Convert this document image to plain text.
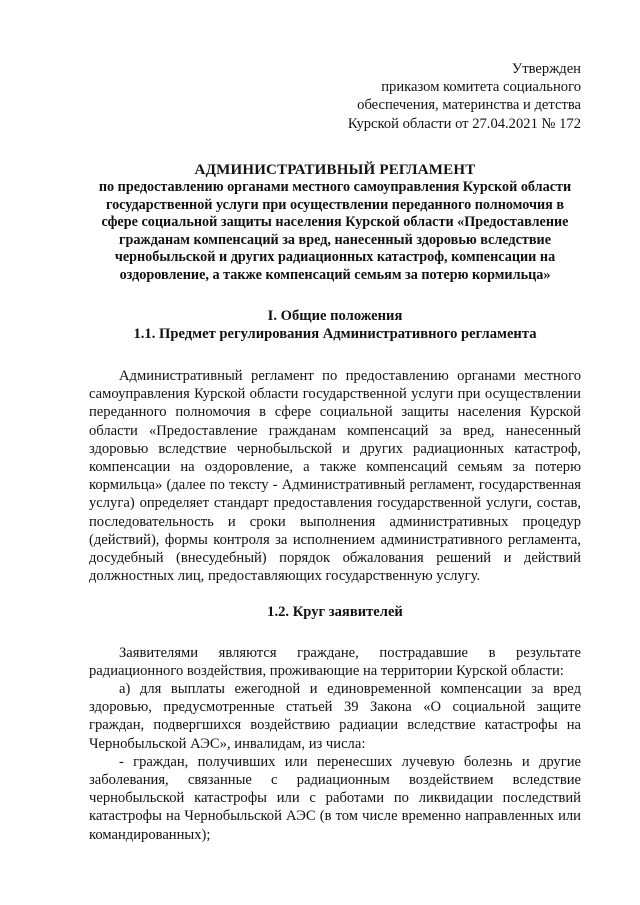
Утвержден
приказом комитета социального
обеспечения, материнства и детства
Курской области от 27.04.2021 № 172
АДМИНИСТРАТИВНЫЙ РЕГЛАМЕНТ
по предоставлению органами местного самоуправления Курской области государственной услуги при осуществлении переданного полномочия в сфере социальной защиты населения Курской области «Предоставление гражданам компенсаций за вред, нанесенный здоровью вследствие чернобыльской и других радиационных катастроф, компенсации на оздоровление, а также компенсаций семьям за потерю кормильца»
I. Общие положения
1.1. Предмет регулирования Административного регламента
Административный регламент по предоставлению органами местного самоуправления Курской области государственной услуги при осуществлении переданного полномочия в сфере социальной защиты населения Курской области «Предоставление гражданам компенсаций за вред, нанесенный здоровью вследствие чернобыльской и других радиационных катастроф, компенсации на оздоровление, а также компенсаций семьям за потерю кормильца» (далее по тексту - Административный регламент, государственная услуга) определяет стандарт предоставления государственной услуги, состав, последовательность и сроки выполнения административных процедур (действий), формы контроля за исполнением административного регламента, досудебный (внесудебный) порядок обжалования решений и действий должностных лиц, предоставляющих государственную услугу.
1.2. Круг заявителей
Заявителями являются граждане, пострадавшие в результате радиационного воздействия, проживающие на территории Курской области:
а) для выплаты ежегодной и единовременной компенсации за вред здоровью, предусмотренные статьей 39 Закона «О социальной защите граждан, подвергшихся воздействию радиации вследствие катастрофы на Чернобыльской АЭС», инвалидам, из числа:
- граждан, получивших или перенесших лучевую болезнь и другие заболевания, связанные с радиационным воздействием вследствие чернобыльской катастрофы или с работами по ликвидации последствий катастрофы на Чернобыльской АЭС (в том числе временно направленных или командированных);
